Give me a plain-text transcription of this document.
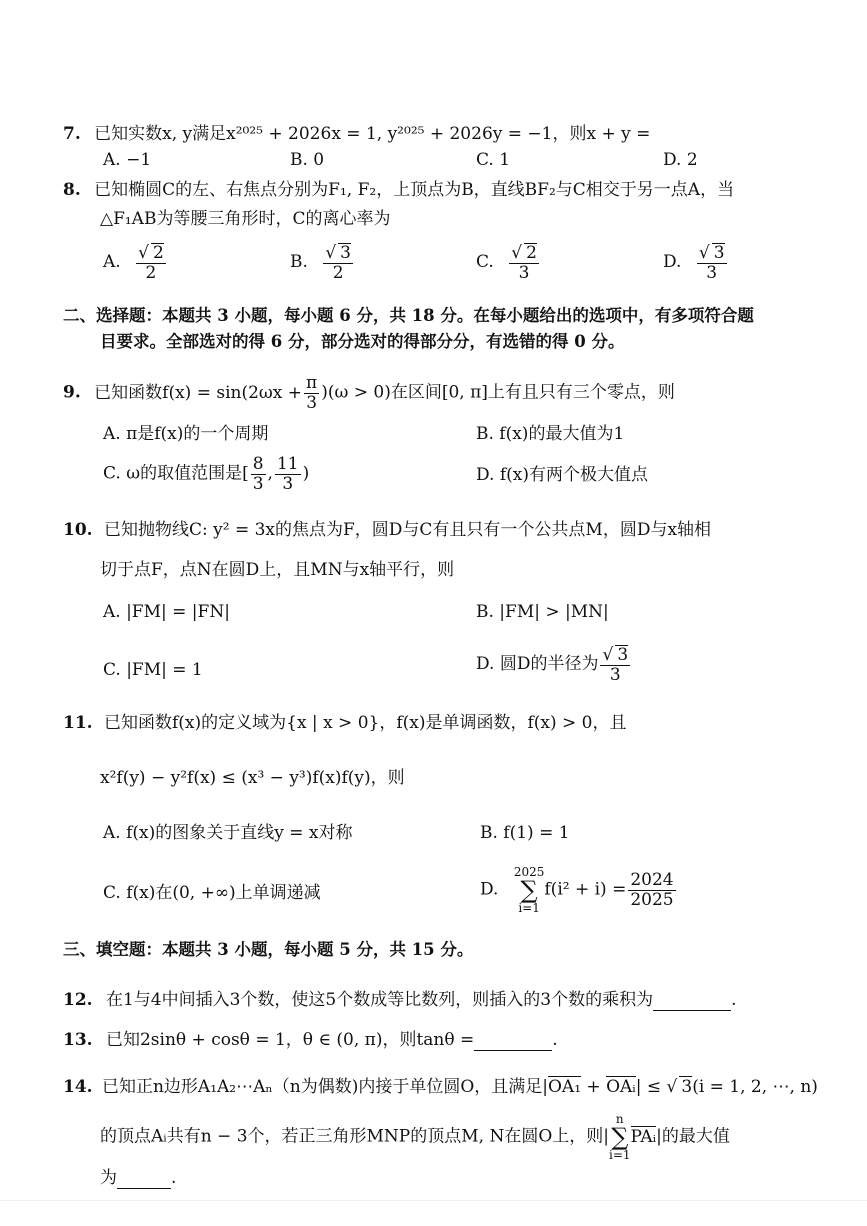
7. 已知实数x, y满足x²⁰²⁵ + 2026x = 1, y²⁰²⁵ + 2026y = −1，则x + y =
A. −1	B. 0	C. 1	D. 2
8. 已知椭圆C的左、右焦点分别为F₁, F₂，上顶点为B，直线BF₂与C相交于另一点A，当
△F₁AB为等腰三角形时，C的离心率为
A. √ $\frac{2}{2}$	B. √ $\frac{3}{2}$	C. √ $\frac{2}{3}$	D. √ $\frac{3}{3}$
二、选择题：本题共 3 小题，每小题 6 分，共 18 分。在每小题给出的选项中，有多项符合题
目要求。全部选对的得 6 分，部分选对的得部分分，有选错的得 0 分。
9. 已知函数$f(x) = \sin(2\omega x + \frac{\pi}{3} )(\omega > 0)$在区间[0, π]上有且只有三个零点，则
A. π是f(x)的一个周期	B. f(x)的最大值为1
C. ω的取值范围是[ $\frac{8}{3}$ , $\frac{11}{3}$ )	D. f(x)有两个极大值点
10. 已知抛物线C: y² = 3x的焦点为F，圆D与C有且只有一个公共点M，圆D与x轴相
切于点F，点N在圆D上，且MN与x轴平行，则
A. |FM| = |FN|	B. |FM| > |MN|
C. |FM| = 1	D. 圆D的半径为 √ $\frac{3}{3}$
11. 已知函数f(x)的定义域为{x | x > 0}，f(x)是单调函数，f(x) > 0，且
x²f(y) − y²f(x) ≤ (x³ − y³)f(x)f(y)，则
A. f(x)的图象关于直线y = x对称	B. f(1) = 1
C. f(x)在(0, +∞)上单调递减	D. 2025
∑
$i=1f(i^2 + i) = \frac{2024}{2025}$
三、填空题：本题共 3 小题，每小题 5 分，共 15 分。
12. 在1与4中间插入3个数，使这5个数成等比数列，则插入的3个数的乘积为	.
13. 已知2sinθ + cosθ = 1，θ ∈ (0, π)，则tanθ =	.
14. 已知正n边形A₁A₂⋯Aₙ（n为偶数)内接于单位圆O，且满足|OA₁ + OAᵢ| ≤ √ 3(i = 1, 2, ⋯, n)
的顶点Aᵢ共有n − 3个，若正三角形MNP的顶点M, N在圆O上，则|n
∑
i=1PAᵢ|的最大值
为	.
